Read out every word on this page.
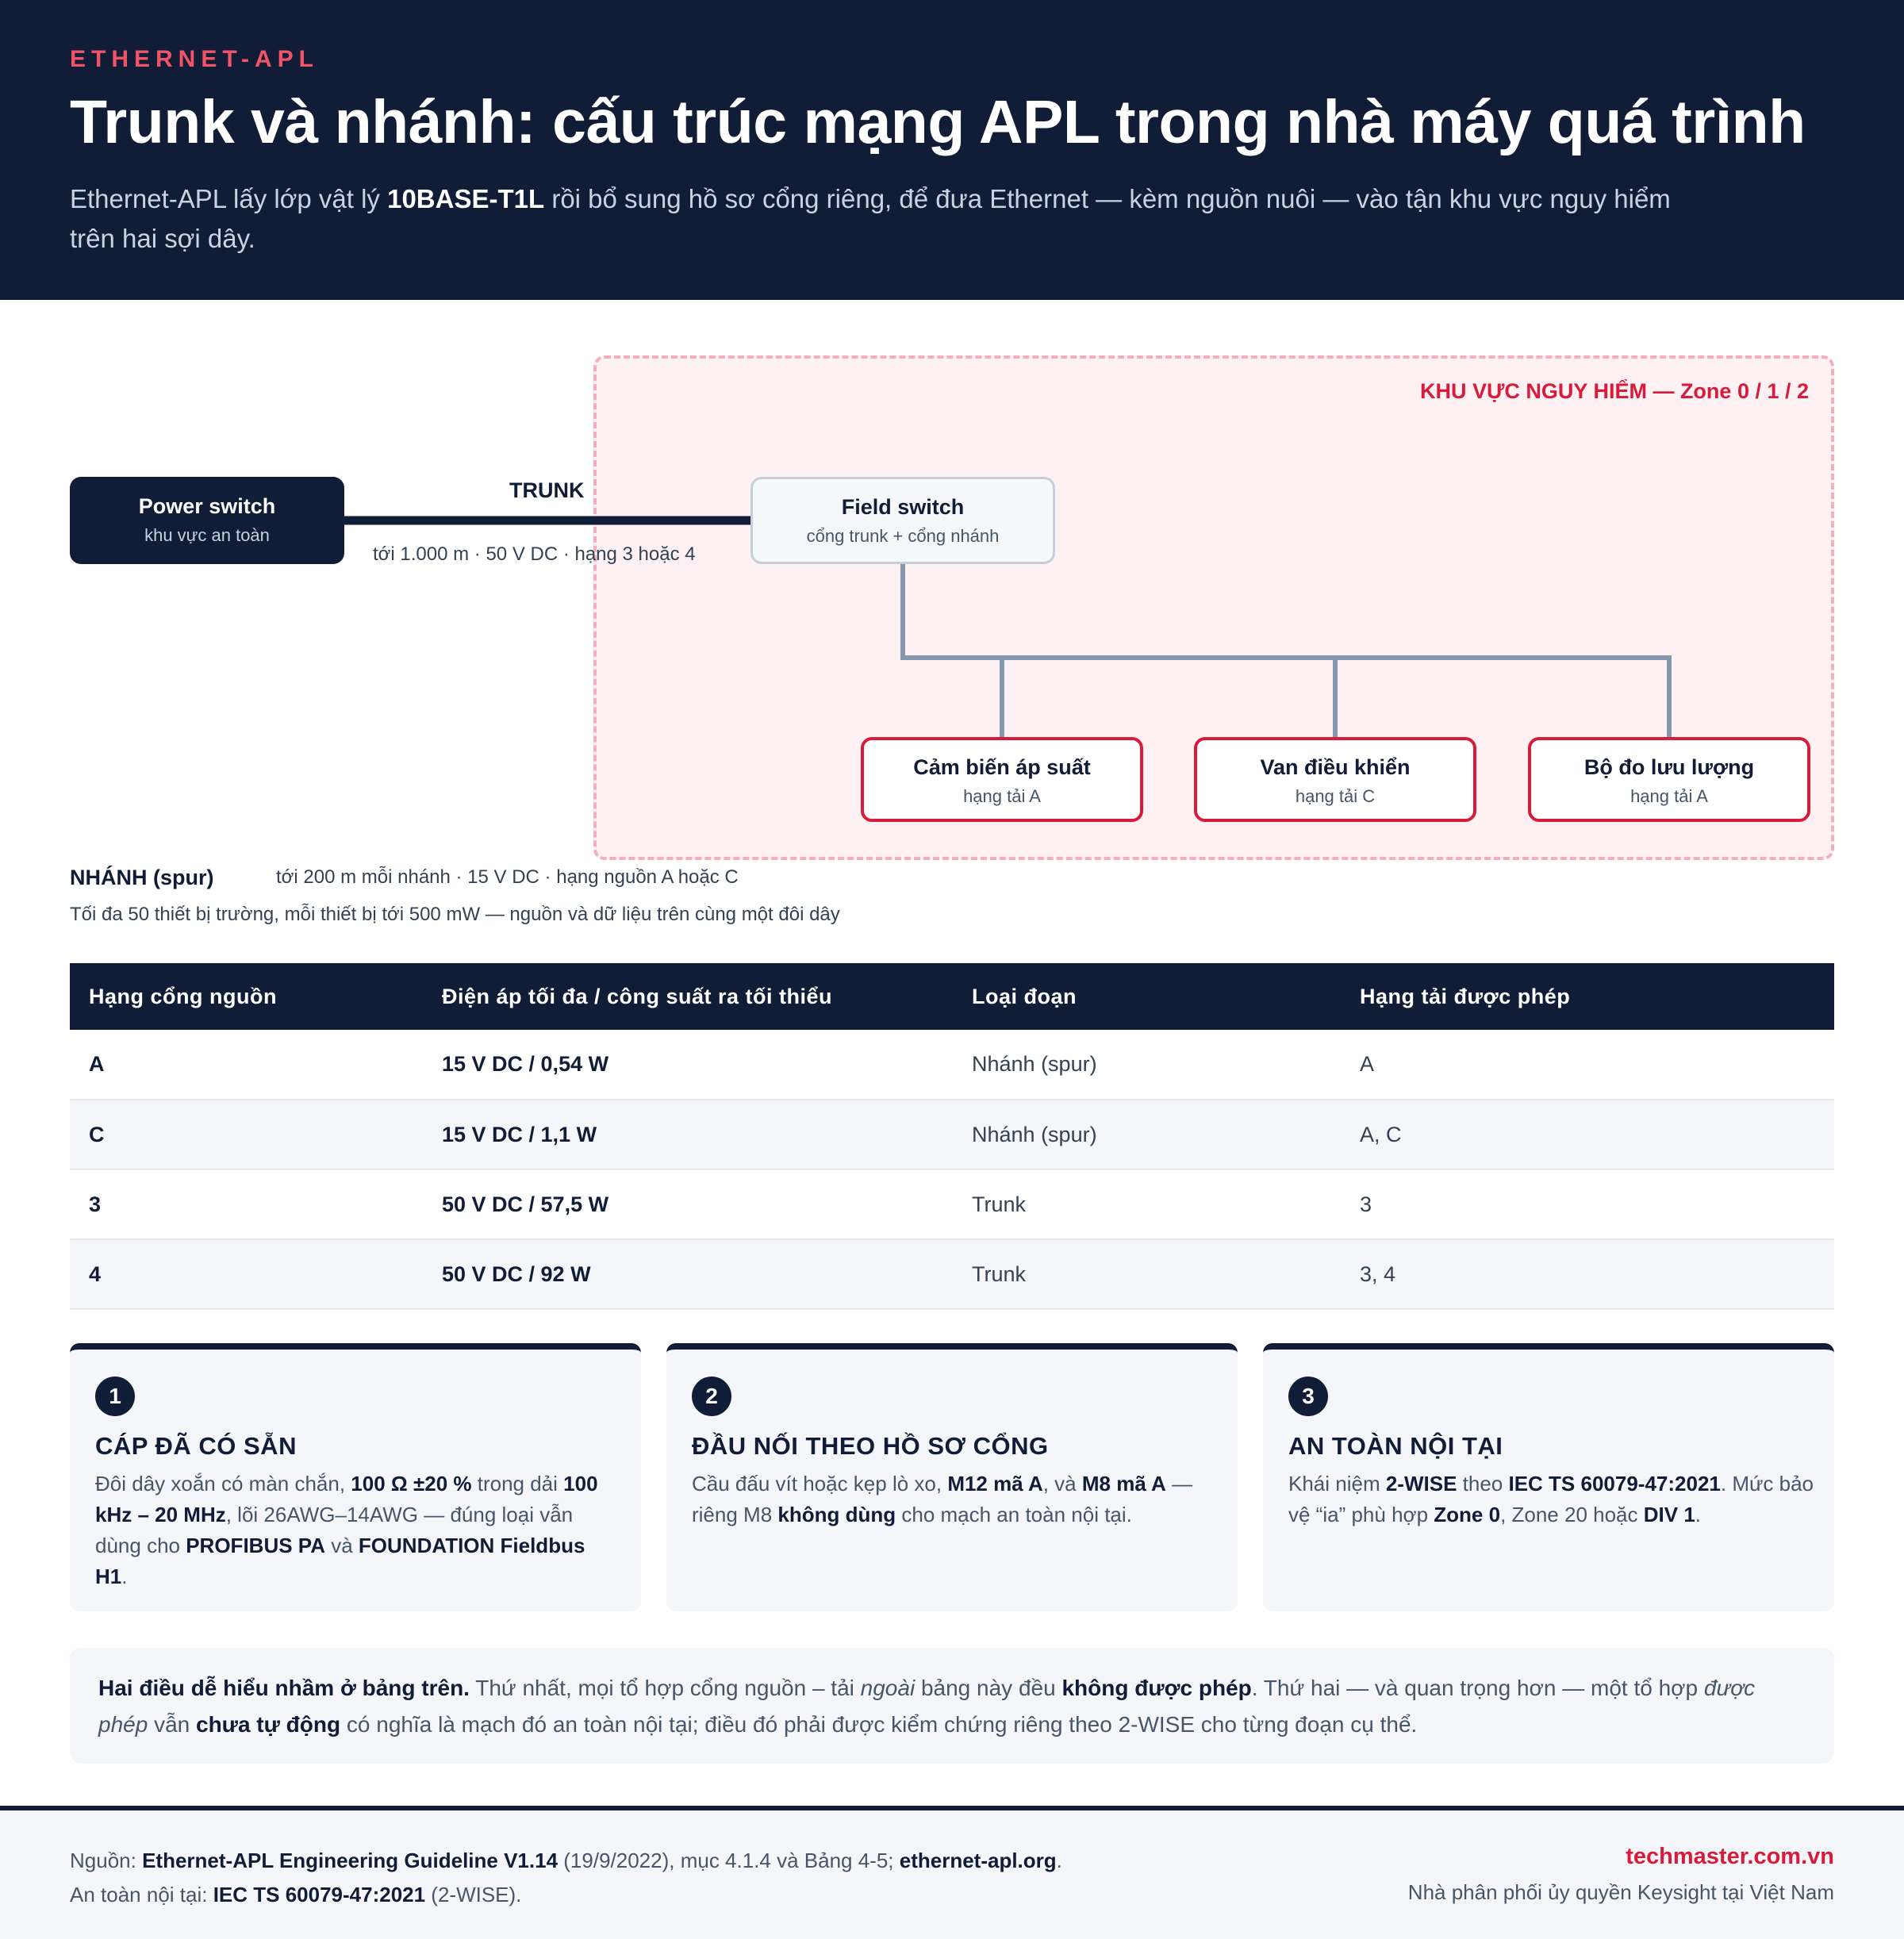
ETHERNET-APL
Trunk và nhánh: cấu trúc mạng APL trong nhà máy quá trình

Ethernet-APL lấy lớp vật lý 10BASE-T1L rồi bổ sung hồ sơ cổng riêng, để đưa Ethernet — kèm nguồn nuôi — vào tận khu vực nguy hiểm trên hai sợi dây.

KHU VỰC NGUY HIỂM — Zone 0 / 1 / 2
Power switch
khu vực an toàn
TRUNK
tới 1.000 m · 50 V DC · hạng 3 hoặc 4
Field switch
cổng trunk + cổng nhánh
Cảm biến áp suất
hạng tải A
Van điều khiển
hạng tải C
Bộ đo lưu lượng
hạng tải A
NHÁNH (spur)	tới 200 m mỗi nhánh · 15 V DC · hạng nguồn A hoặc C
Tối đa 50 thiết bị trường, mỗi thiết bị tới 500 mW — nguồn và dữ liệu trên cùng một đôi dây
Hạng cổng nguồn	Điện áp tối đa / công suất ra tối thiểu	Loại đoạn	Hạng tải được phép
A	15 V DC / 0,54 W	Nhánh (spur)	A
C	15 V DC / 1,1 W	Nhánh (spur)	A, C
3	50 V DC / 57,5 W	Trunk	3
4	50 V DC / 92 W	Trunk	3, 4
1
CÁP ĐÃ CÓ SẴN

Đôi dây xoắn có màn chắn, 100 Ω ±20 % trong dải 100 kHz – 20 MHz, lõi 26AWG–14AWG — đúng loại vẫn dùng cho PROFIBUS PA và FOUNDATION Fieldbus H1.

2
ĐẦU NỐI THEO HỒ SƠ CỔNG

Cầu đấu vít hoặc kẹp lò xo, M12 mã A, và M8 mã A — riêng M8 không dùng cho mạch an toàn nội tại.

3
AN TOÀN NỘI TẠI

Khái niệm 2-WISE theo IEC TS 60079-47:2021. Mức bảo vệ “ia” phù hợp Zone 0, Zone 20 hoặc DIV 1.

Hai điều dễ hiểu nhầm ở bảng trên. Thứ nhất, mọi tổ hợp cổng nguồn – tải ngoài bảng này đều không được phép. Thứ hai — và quan trọng hơn — một tổ hợp được phép vẫn chưa tự động có nghĩa là mạch đó an toàn nội tại; điều đó phải được kiểm chứng riêng theo 2-WISE cho từng đoạn cụ thể.
Nguồn: Ethernet-APL Engineering Guideline V1.14 (19/9/2022), mục 4.1.4 và Bảng 4-5; ethernet-apl.org.
An toàn nội tại: IEC TS 60079-47:2021 (2-WISE).
techmaster.com.vn
Nhà phân phối ủy quyền Keysight tại Việt Nam
